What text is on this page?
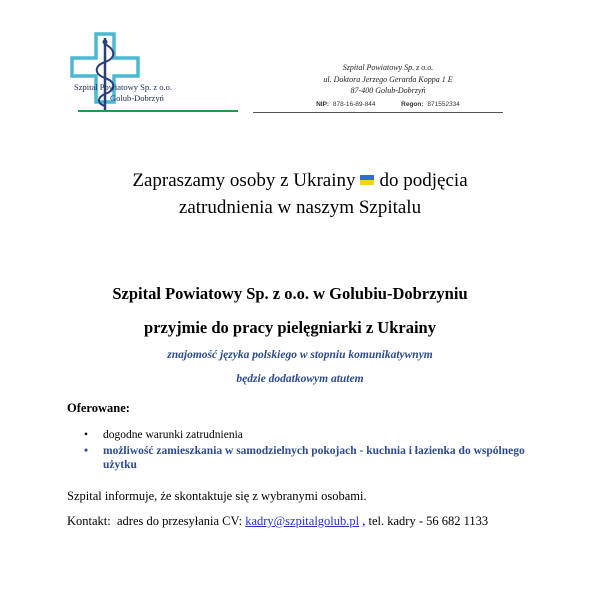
Szpital Powiatowy Sp. z o.o.
Golub-Dobrzyń
Szpital Powiatowy Sp. z o.o.
ul. Doktora Jerzego Gerarda Koppa 1 E
87-400 Golub-Dobrzyń
NIP: 878-16-89-844	Regon: 871552334
Zapraszamy osoby z Ukrainy do podjęcia
zatrudnienia w naszym Szpitalu
Szpital Powiatowy Sp. z o.o. w Golubiu-Dobrzyniu
przyjmie do pracy pielęgniarki z Ukrainy
znajomość języka polskiego w stopniu komunikatywnym
będzie dodatkowym atutem
Oferowane:
• dogodne warunki zatrudnienia
• możliwość zamieszkania w samodzielnych pokojach - kuchnia i łazienka do wspólnego użytku
Szpital informuje, że skontaktuje się z wybranymi osobami.
Kontakt: adres do przesyłania CV: kadry@szpitalgolub.pl , tel. kadry - 56 682 1133
